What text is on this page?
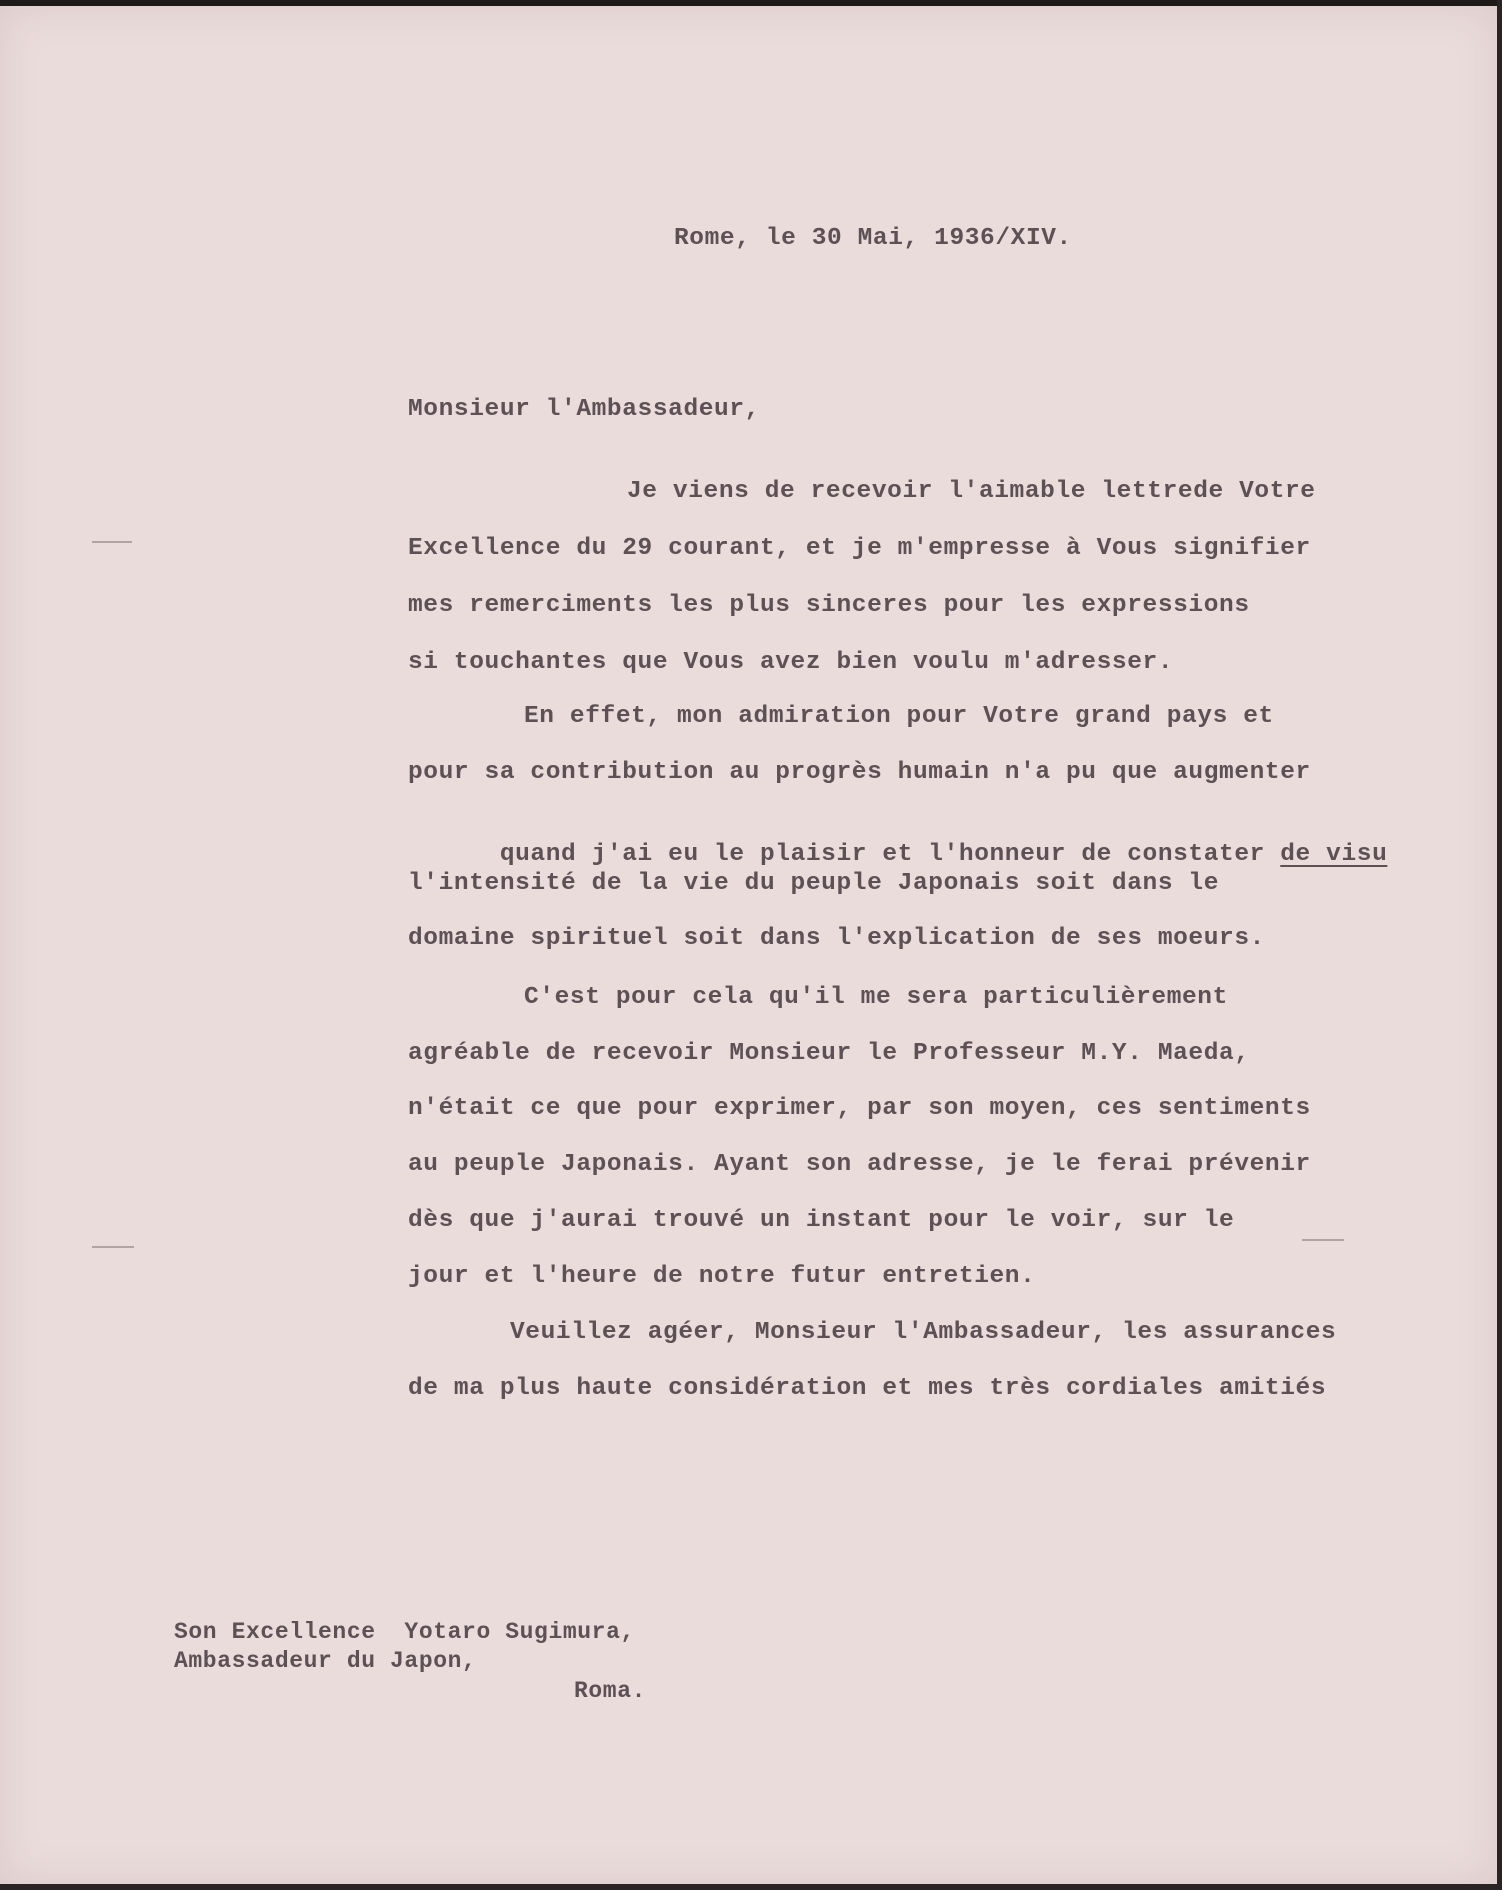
Rome, le 30 Mai, 1936/XIV.
Monsieur l'Ambassadeur,
Je viens de recevoir l'aimable lettrede Votre
Excellence du 29 courant, et je m'empresse à Vous signifier
mes remerciments les plus sinceres pour les expressions
si touchantes que Vous avez bien voulu m'adresser.
En effet, mon admiration pour Votre grand pays et
pour sa contribution au progrès humain n'a pu que augmenter

quand j'ai eu le plaisir et l'honneur de constater de visu

l'intensité de la vie du peuple Japonais soit dans le
domaine spirituel soit dans l'explication de ses moeurs.
C'est pour cela qu'il me sera particulièrement
agréable de recevoir Monsieur le Professeur M.Y. Maeda,
n'était ce que pour exprimer, par son moyen, ces sentiments
au peuple Japonais. Ayant son adresse, je le ferai prévenir
dès que j'aurai trouvé un instant pour le voir, sur le
jour et l'heure de notre futur entretien.
Veuillez agéer, Monsieur l'Ambassadeur, les assurances
de ma plus haute considération et mes très cordiales amitiés
Son Excellence  Yotaro Sugimura,
Ambassadeur du Japon,
Roma.
